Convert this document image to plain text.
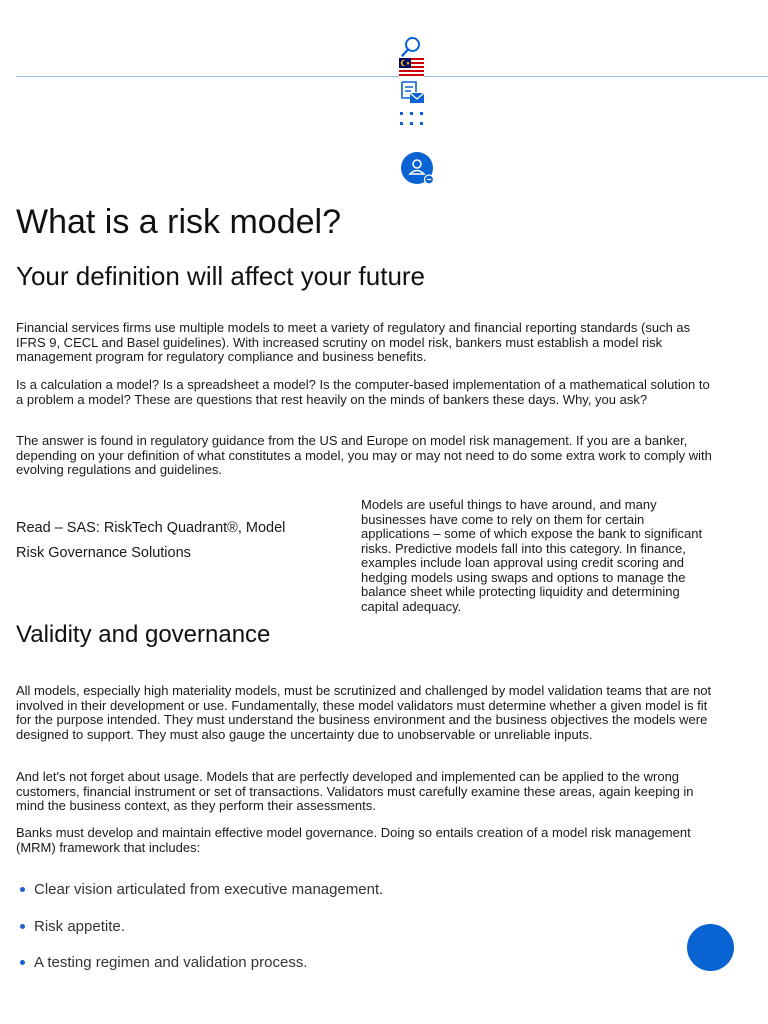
What is a risk model?
Your definition will affect your future

Financial services firms use multiple models to meet a variety of regulatory and financial reporting standards (such as IFRS 9, CECL and Basel guidelines). With increased scrutiny on model risk, bankers must establish a model risk management program for regulatory compliance and business benefits.

Is a calculation a model? Is a spreadsheet a model? Is the computer-based implementation of a mathematical solution to a problem a model? These are questions that rest heavily on the minds of bankers these days. Why, you ask?

The answer is found in regulatory guidance from the US and Europe on model risk management. If you are a banker, depending on your definition of what constitutes a model, you may or may not need to do some extra work to comply with evolving regulations and guidelines.

Read – SAS: RiskTech Quadrant®, Model Risk Governance Solutions

Models are useful things to have around, and many businesses have come to rely on them for certain applications – some of which expose the bank to significant risks. Predictive models fall into this category. In finance, examples include loan approval using credit scoring and hedging models using swaps and options to manage the balance sheet while protecting liquidity and determining capital adequacy.

Validity and governance

All models, especially high materiality models, must be scrutinized and challenged by model validation teams that are not involved in their development or use. Fundamentally, these model validators must determine whether a given model is fit for the purpose intended. They must understand the business environment and the business objectives the models were designed to support. They must also gauge the uncertainty due to unobservable or unreliable inputs.

And let's not forget about usage. Models that are perfectly developed and implemented can be applied to the wrong customers, financial instrument or set of transactions. Validators must carefully examine these areas, again keeping in mind the business context, as they perform their assessments.

Banks must develop and maintain effective model governance. Doing so entails creation of a model risk management (MRM) framework that includes:

Clear vision articulated from executive management.
Risk appetite.
A testing regimen and validation process.
